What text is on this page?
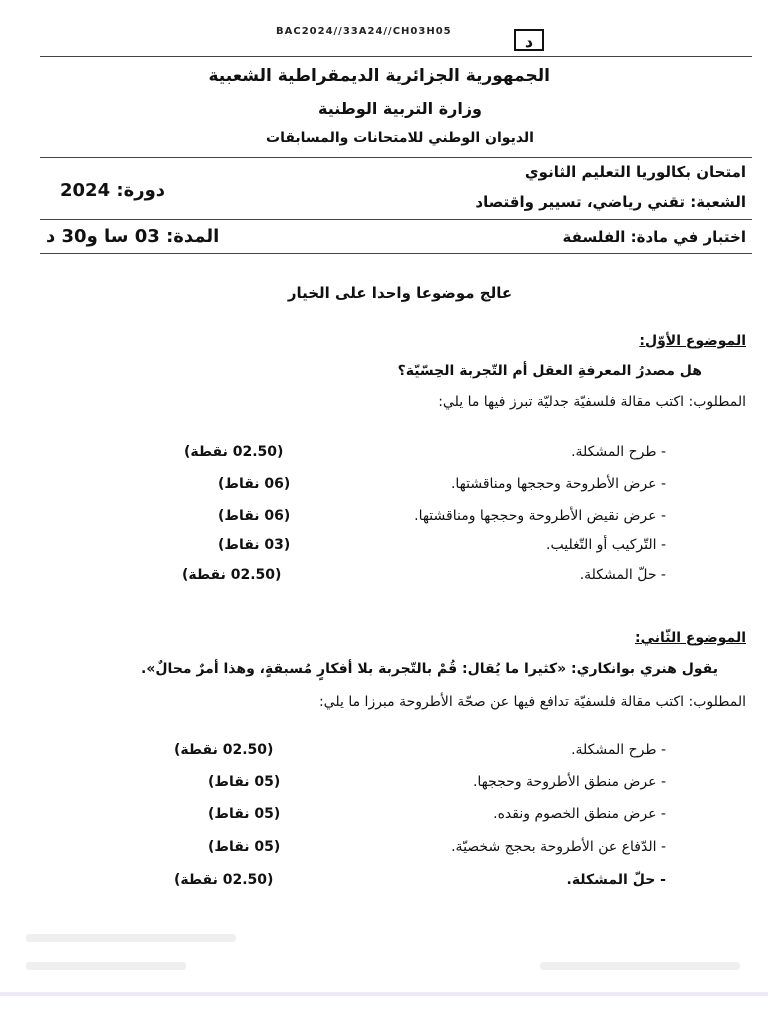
BAC2024//33A24//CH03H05
د
الجمهورية الجزائرية الديمقراطية الشعبية
وزارة التربية الوطنية
الديوان الوطني للامتحانات والمسابقات
امتحان بكالوريا التعليم الثانوي
دورة: 2024
الشعبة: تقني رياضي، تسيير واقتصاد
اختبار في مادة: الفلسفة
المدة: 03 سا و30 د
عالج موضوعا واحدا على الخيار
الموضوع الأوّل:
هل مصدرُ المعرفةِ العقل أم التّجربة الحِسّيّة؟
المطلوب: اكتب مقالة فلسفيّة جدليّة تبرز فيها ما يلي:
- طرح المشكلة.
(02.50 نقطة)
- عرض الأطروحة وحججها ومناقشتها.
(06 نقاط)
- عرض نقيض الأطروحة وحججها ومناقشتها.
(06 نقاط)
- التّركيب أو التّغليب.
(03 نقاط)
- حلّ المشكلة.
(02.50 نقطة)
الموضوع الثّاني:
يقول هنري بوانكاري: «كثيرا ما يُقال: قُمْ بالتّجربة بلا أفكارٍ مُسبقةٍ، وهذا أمرٌ محالٌ».
المطلوب: اكتب مقالة فلسفيّة تدافع فيها عن صحّة الأطروحة مبرزا ما يلي:
- طرح المشكلة.
(02.50 نقطة)
- عرض منطق الأطروحة وحججها.
(05 نقاط)
- عرض منطق الخصوم ونقده.
(05 نقاط)
- الدّفاع عن الأطروحة بحجج شخصيّة.
(05 نقاط)
- حلّ المشكلة.
(02.50 نقطة)
